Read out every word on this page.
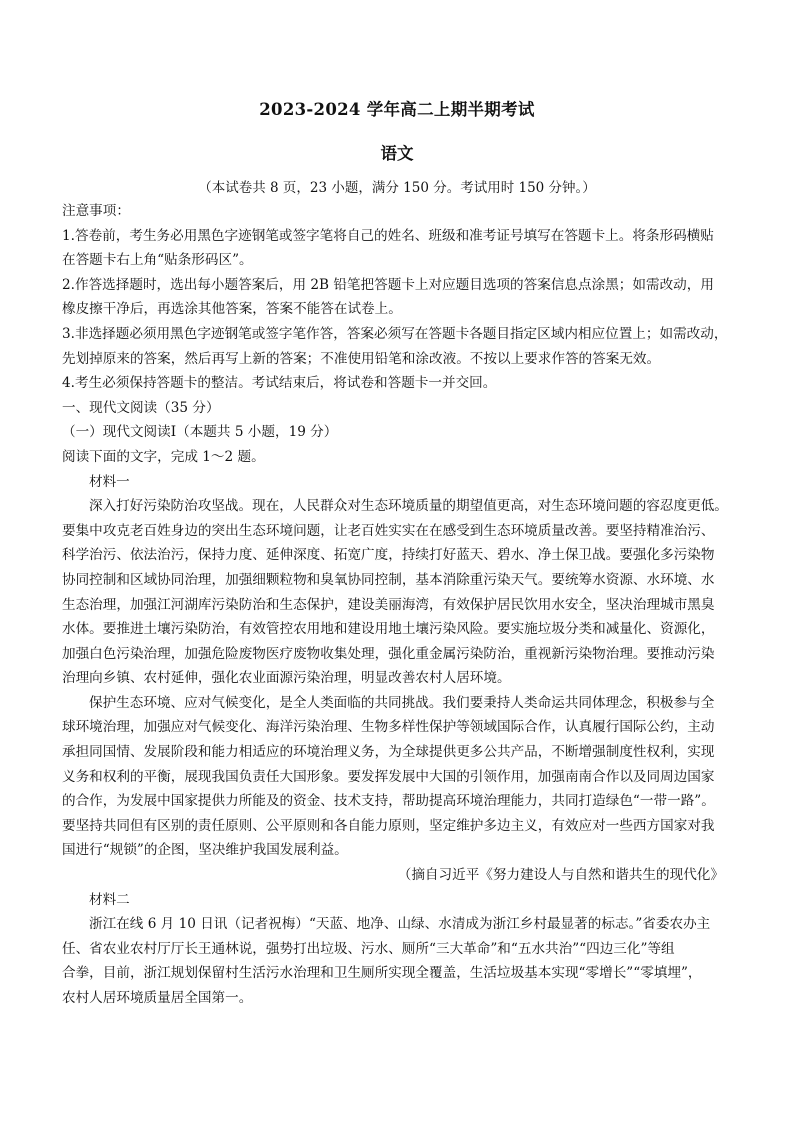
2023-2024 学年高二上期半期考试
语文
（本试卷共 8 页，23 小题，满分 150 分。考试用时 150 分钟。）
注意事项：
1.答卷前，考生务必用黑色字迹钢笔或签字笔将自己的姓名、班级和准考证号填写在答题卡上。将条形码横贴
在答题卡右上角“贴条形码区”。
2.作答选择题时，选出每小题答案后，用 2B 铅笔把答题卡上对应题目选项的答案信息点涂黑；如需改动，用
橡皮擦干净后，再选涂其他答案，答案不能答在试卷上。
3.非选择题必须用黑色字迹钢笔或签字笔作答，答案必须写在答题卡各题目指定区域内相应位置上；如需改动，
先划掉原来的答案，然后再写上新的答案；不准使用铅笔和涂改液。不按以上要求作答的答案无效。
4.考生必须保持答题卡的整洁。考试结束后，将试卷和答题卡一并交回。
一、现代文阅读（35 分）
（一）现代文阅读Ⅰ（本题共 5 小题，19 分）
阅读下面的文字，完成 1～2 题。
材料一
深入打好污染防治攻坚战。现在，人民群众对生态环境质量的期望值更高，对生态环境问题的容忍度更低。
要集中攻克老百姓身边的突出生态环境问题，让老百姓实实在在感受到生态环境质量改善。要坚持精准治污、
科学治污、依法治污，保持力度、延伸深度、拓宽广度，持续打好蓝天、碧水、净土保卫战。要强化多污染物
协同控制和区域协同治理，加强细颗粒物和臭氧协同控制，基本消除重污染天气。要统筹水资源、水环境、水
生态治理，加强江河湖库污染防治和生态保护，建设美丽海湾，有效保护居民饮用水安全，坚决治理城市黑臭
水体。要推进土壤污染防治，有效管控农用地和建设用地土壤污染风险。要实施垃圾分类和减量化、资源化，
加强白色污染治理，加强危险废物医疗废物收集处理，强化重金属污染防治，重视新污染物治理。要推动污染
治理向乡镇、农村延伸，强化农业面源污染治理，明显改善农村人居环境。
保护生态环境、应对气候变化，是全人类面临的共同挑战。我们要秉持人类命运共同体理念，积极参与全
球环境治理，加强应对气候变化、海洋污染治理、生物多样性保护等领域国际合作，认真履行国际公约，主动
承担同国情、发展阶段和能力相适应的环境治理义务，为全球提供更多公共产品，不断增强制度性权利，实现
义务和权利的平衡，展现我国负责任大国形象。要发挥发展中大国的引领作用，加强南南合作以及同周边国家
的合作，为发展中国家提供力所能及的资金、技术支持，帮助提高环境治理能力，共同打造绿色“一带一路”。
要坚持共同但有区别的责任原则、公平原则和各自能力原则，坚定维护多边主义，有效应对一些西方国家对我
国进行“规锁”的企图，坚决维护我国发展利益。
（摘自习近平《努力建设人与自然和谐共生的现代化》
材料二
浙江在线 6 月 10 日讯（记者祝梅）“天蓝、地净、山绿、水清成为浙江乡村最显著的标志。”省委农办主
任、省农业农村厅厅长王通林说，强势打出垃圾、污水、厕所“三大革命”和“五水共治”“四边三化”等组
合拳，目前，浙江规划保留村生活污水治理和卫生厕所实现全覆盖，生活垃圾基本实现“零增长”“零填埋”，
农村人居环境质量居全国第一。
